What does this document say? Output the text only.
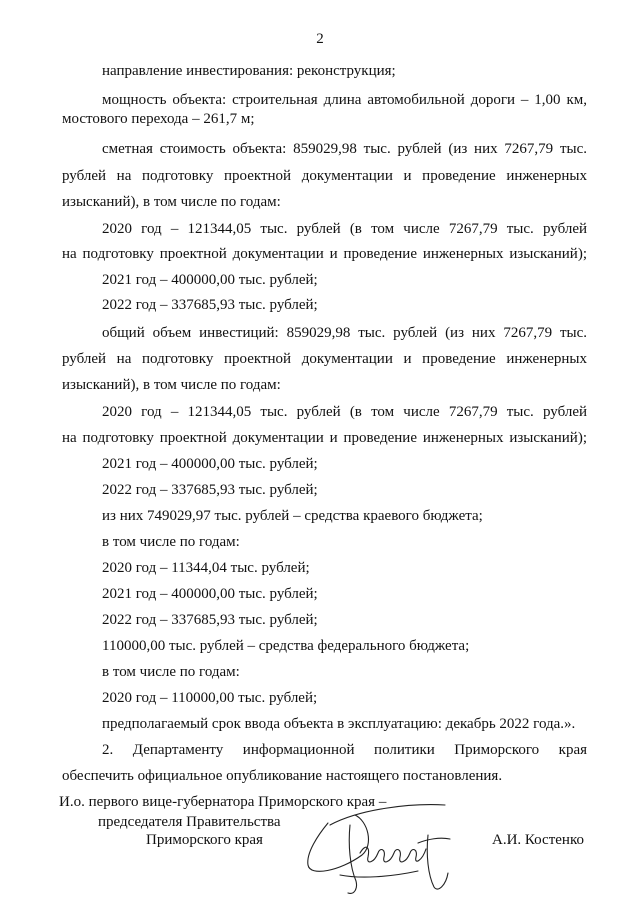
2
направление инвестирования: реконструкция;
мощность объекта: строительная длина автомобильной дороги – 1,00 км,
мостового перехода – 261,7 м;
сметная стоимость объекта: 859029,98 тыс. рублей (из них 7267,79 тыс.
рублей на подготовку проектной документации и проведение инженерных
изысканий), в том числе по годам:
2020 год – 121344,05 тыс. рублей (в том числе 7267,79 тыс. рублей
на подготовку проектной документации и проведение инженерных изысканий);
2021 год – 400000,00 тыс. рублей;
2022 год – 337685,93 тыс. рублей;
общий объем инвестиций: 859029,98 тыс. рублей (из них 7267,79 тыс.
рублей на подготовку проектной документации и проведение инженерных
изысканий), в том числе по годам:
2020 год – 121344,05 тыс. рублей (в том числе 7267,79 тыс. рублей
на подготовку проектной документации и проведение инженерных изысканий);
2021 год – 400000,00 тыс. рублей;
2022 год – 337685,93 тыс. рублей;
из них 749029,97 тыс. рублей – средства краевого бюджета;
в том числе по годам:
2020 год – 11344,04 тыс. рублей;
2021 год – 400000,00 тыс. рублей;
2022 год – 337685,93 тыс. рублей;
110000,00 тыс. рублей – средства федерального бюджета;
в том числе по годам:
2020 год – 110000,00 тыс. рублей;
предполагаемый срок ввода объекта в эксплуатацию: декабрь 2022 года.».
2. Департаменту информационной политики Приморского края
обеспечить официальное опубликование настоящего постановления.
И.о. первого вице-губернатора Приморского края –
председателя Правительства
Приморского края	А.И. Костенко
